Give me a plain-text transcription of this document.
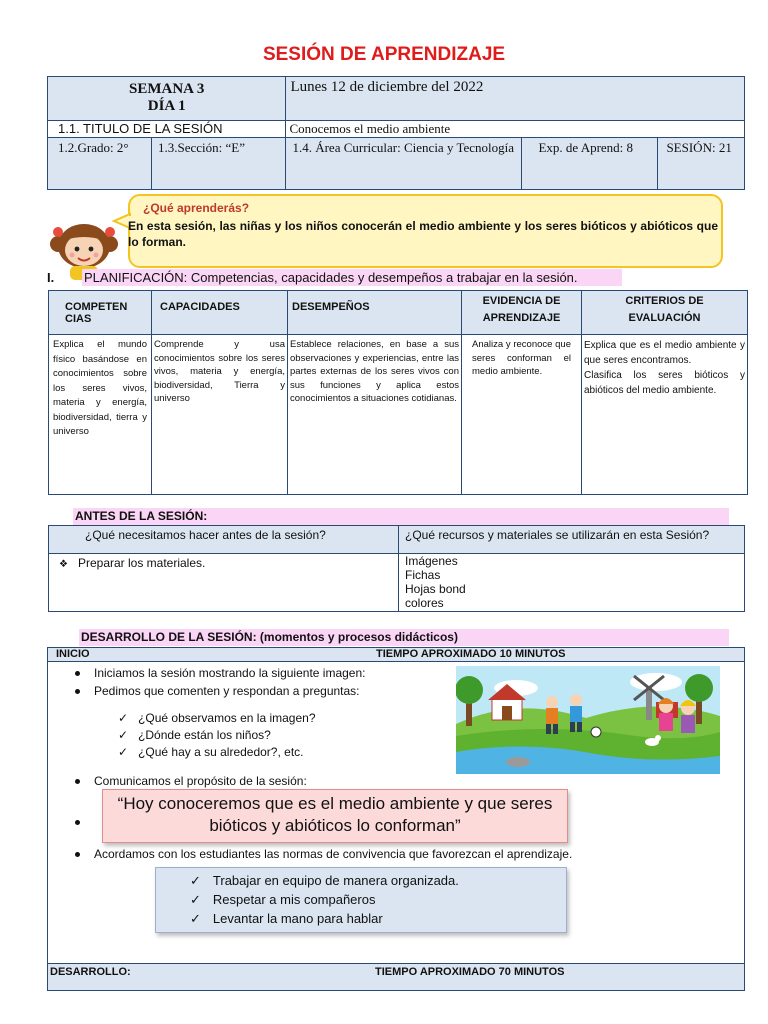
SESIÓN DE APRENDIZAJE
SEMANA 3
DÍA 1		Lunes 12 de diciembre del 2022		
1.1. TITULO DE LA SESIÓN		Conocemos el medio ambiente		
1.2.Grado: 2°	1.3.Sección: “E”	1.4. Área Curricular: Ciencia y Tecnología	Exp. de Aprend: 8	SESIÓN: 21
¿Qué aprenderás?
En esta sesión, las niñas y los niños conocerán el medio ambiente y los seres bióticos y abióticos que lo forman.
I. PLANIFICACIÓN: Competencias, capacidades y desempeños a trabajar en la sesión.
COMPETENCIAS	CAPACIDADES	DESEMPEÑOS	EVIDENCIA DE APRENDIZAJE	CRITERIOS DE EVALUACIÓN
Explica el mundo físico basándose en conocimientos sobre los seres vivos, materia y energía, biodiversidad, tierra y universo	Comprende y usa conocimientos sobre los seres vivos, materia y energía, biodiversidad, Tierra y universo	Establece relaciones, en base a sus observaciones y experiencias, entre las partes externas de los seres vivos con sus funciones y aplica estos conocimientos a situaciones cotidianas.	Analiza y reconoce que seres conforman el medio ambiente.	Explica que es el medio ambiente y que seres encontramos.
Clasifica los seres bióticos y abióticos del medio ambiente.
ANTES DE LA SESIÓN:
¿Qué necesitamos hacer antes de la sesión?	¿Qué recursos y materiales se utilizarán en esta Sesión?
❖ Preparar los materiales.	Imágenes
Fichas
Hojas bond
colores
DESARROLLO DE LA SESIÓN: (momentos y procesos didácticos)
INICIO	TIEMPO APROXIMADO 10 MINUTOS
Iniciamos la sesión mostrando la siguiente imagen:
Pedimos que comenten y respondan a preguntas:
✓ ¿Qué observamos en la imagen?
✓ ¿Dónde están los niños?
✓ ¿Qué hay a su alrededor?, etc.
Comunicamos el propósito de la sesión:
“Hoy conoceremos que es el medio ambiente y que seres bióticos y abióticos lo conforman”
Acordamos con los estudiantes las normas de convivencia que favorezcan el aprendizaje.
✓ Trabajar en equipo de manera organizada.
✓ Respetar a mis compañeros
✓ Levantar la mano para hablar
DESARROLLO:	TIEMPO APROXIMADO 70 MINUTOS
